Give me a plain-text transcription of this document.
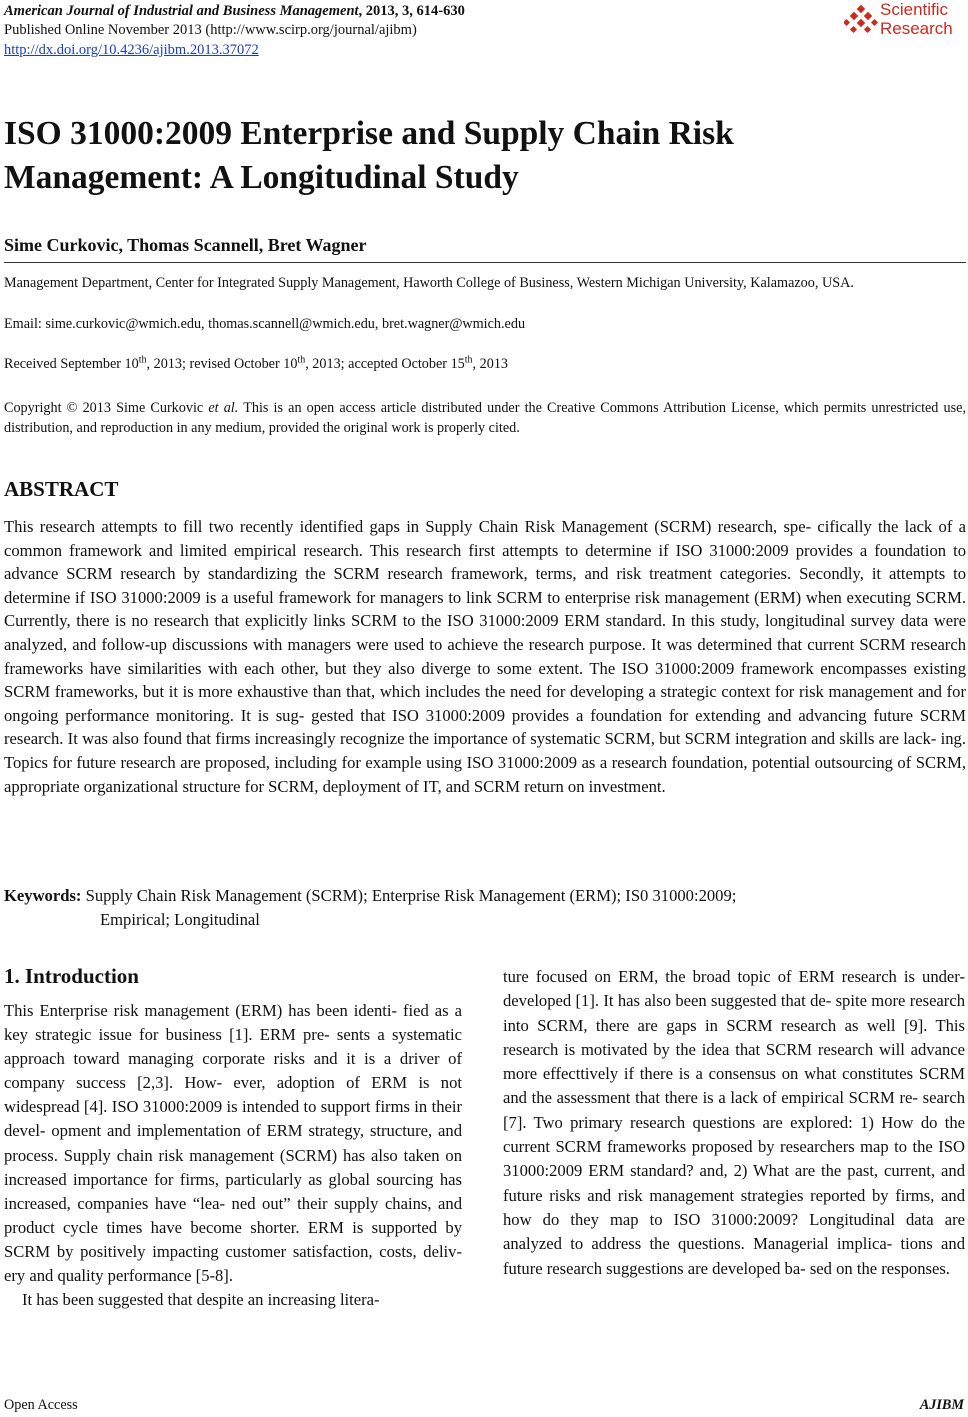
American Journal of Industrial and Business Management, 2013, 3, 614-630
Published Online November 2013 (http://www.scirp.org/journal/ajibm)
http://dx.doi.org/10.4236/ajibm.2013.37072
Scientific
Research
ISO 31000:2009 Enterprise and Supply Chain Risk
Management: A Longitudinal Study
Sime Curkovic, Thomas Scannell, Bret Wagner
Management Department, Center for Integrated Supply Management, Haworth College of Business, Western Michigan University, Kalamazoo, USA.
Email: sime.curkovic@wmich.edu, thomas.scannell@wmich.edu, bret.wagner@wmich.edu
Received September 10th, 2013; revised October 10th, 2013; accepted October 15th, 2013
Copyright © 2013 Sime Curkovic et al. This is an open access article distributed under the Creative Commons Attribution License, which permits unrestricted use, distribution, and reproduction in any medium, provided the original work is properly cited.
ABSTRACT
This research attempts to fill two recently identified gaps in Supply Chain Risk Management (SCRM) research, spe- cifically the lack of a common framework and limited empirical research. This research first attempts to determine if ISO 31000:2009 provides a foundation to advance SCRM research by standardizing the SCRM research framework, terms, and risk treatment categories. Secondly, it attempts to determine if ISO 31000:2009 is a useful framework for managers to link SCRM to enterprise risk management (ERM) when executing SCRM. Currently, there is no research that explicitly links SCRM to the ISO 31000:2009 ERM standard. In this study, longitudinal survey data were analyzed, and follow-up discussions with managers were used to achieve the research purpose. It was determined that current SCRM research frameworks have similarities with each other, but they also diverge to some extent. The ISO 31000:2009 framework encompasses existing SCRM frameworks, but it is more exhaustive than that, which includes the need for developing a strategic context for risk management and for ongoing performance monitoring. It is sug- gested that ISO 31000:2009 provides a foundation for extending and advancing future SCRM research. It was also found that firms increasingly recognize the importance of systematic SCRM, but SCRM integration and skills are lack- ing. Topics for future research are proposed, including for example using ISO 31000:2009 as a research foundation, potential outsourcing of SCRM, appropriate organizational structure for SCRM, deployment of IT, and SCRM return on investment.
Keywords: Supply Chain Risk Management (SCRM); Enterprise Risk Management (ERM); IS0 31000:2009;
Empirical; Longitudinal
1. Introduction

This Enterprise risk management (ERM) has been identi- fied as a key strategic issue for business [1]. ERM pre- sents a systematic approach toward managing corporate risks and it is a driver of company success [2,3]. How- ever, adoption of ERM is not widespread [4]. ISO 31000:2009 is intended to support firms in their devel- opment and implementation of ERM strategy, structure, and process. Supply chain risk management (SCRM) has also taken on increased importance for firms, particularly as global sourcing has increased, companies have “lea- ned out” their supply chains, and product cycle times have become shorter. ERM is supported by SCRM by positively impacting customer satisfaction, costs, deliv- ery and quality performance [5-8].

It has been suggested that despite an increasing litera-

ture focused on ERM, the broad topic of ERM research is under-developed [1]. It has also been suggested that de- spite more research into SCRM, there are gaps in SCRM research as well [9]. This research is motivated by the idea that SCRM research will advance more effecttively if there is a consensus on what constitutes SCRM and the assessment that there is a lack of empirical SCRM re- search [7]. Two primary research questions are explored: 1) How do the current SCRM frameworks proposed by researchers map to the ISO 31000:2009 ERM standard? and, 2) What are the past, current, and future risks and risk management strategies reported by firms, and how do they map to ISO 31000:2009? Longitudinal data are analyzed to address the questions. Managerial implica- tions and future research suggestions are developed ba- sed on the responses.

Open Access	AJIBM
